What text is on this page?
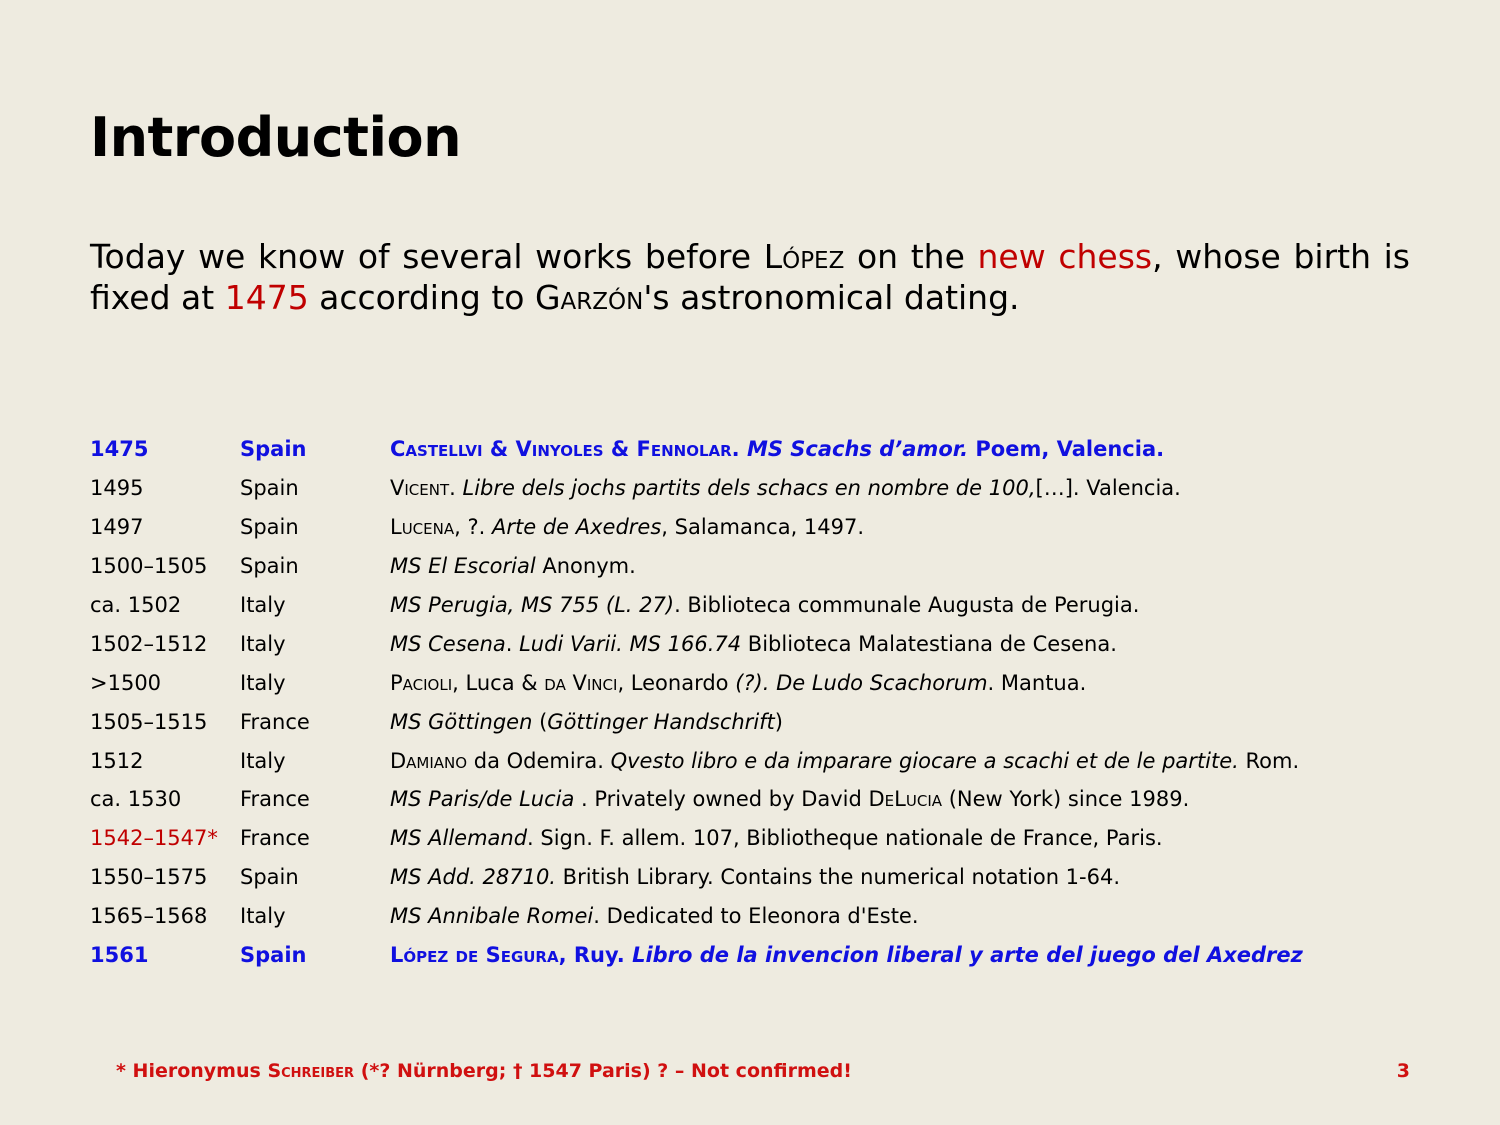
Introduction
Today we know of several works before López on the new chess, whose birth is fixed at 1475 according to Garzón's astronomical dating.
1475	Spain	Castellvi & Vinyoles & Fennolar. MS Scachs d’amor. Poem, Valencia.
1495	Spain	Vicent. Libre dels jochs partits dels schacs en nombre de 100,[…]. Valencia.
1497	Spain	Lucena, ?. Arte de Axedres, Salamanca, 1497.
1500–1505	Spain	MS El Escorial Anonym.
ca. 1502	Italy	MS Perugia, MS 755 (L. 27). Biblioteca communale Augusta de Perugia.
1502–1512	Italy	MS Cesena. Ludi Varii. MS 166.74 Biblioteca Malatestiana de Cesena.
>1500	Italy	Pacioli, Luca & da Vinci, Leonardo (?). De Ludo Scachorum. Mantua.
1505–1515	France	MS Göttingen (Göttinger Handschrift)
1512	Italy	Damiano da Odemira. Qvesto libro e da imparare giocare a scachi et de le partite. Rom.
ca. 1530	France	MS Paris/de Lucia . Privately owned by David DeLucia (New York) since 1989.
1542–1547*	France	MS Allemand. Sign. F. allem. 107, Bibliotheque nationale de France, Paris.
1550–1575	Spain	MS Add. 28710. British Library. Contains the numerical notation 1-64.
1565–1568	Italy	MS Annibale Romei. Dedicated to Eleonora d'Este.
1561	Spain	López de Segura, Ruy. Libro de la invencion liberal y arte del juego del Axedrez
* Hieronymus Schreiber (*? Nürnberg; † 1547 Paris) ? – Not confirmed!	3
